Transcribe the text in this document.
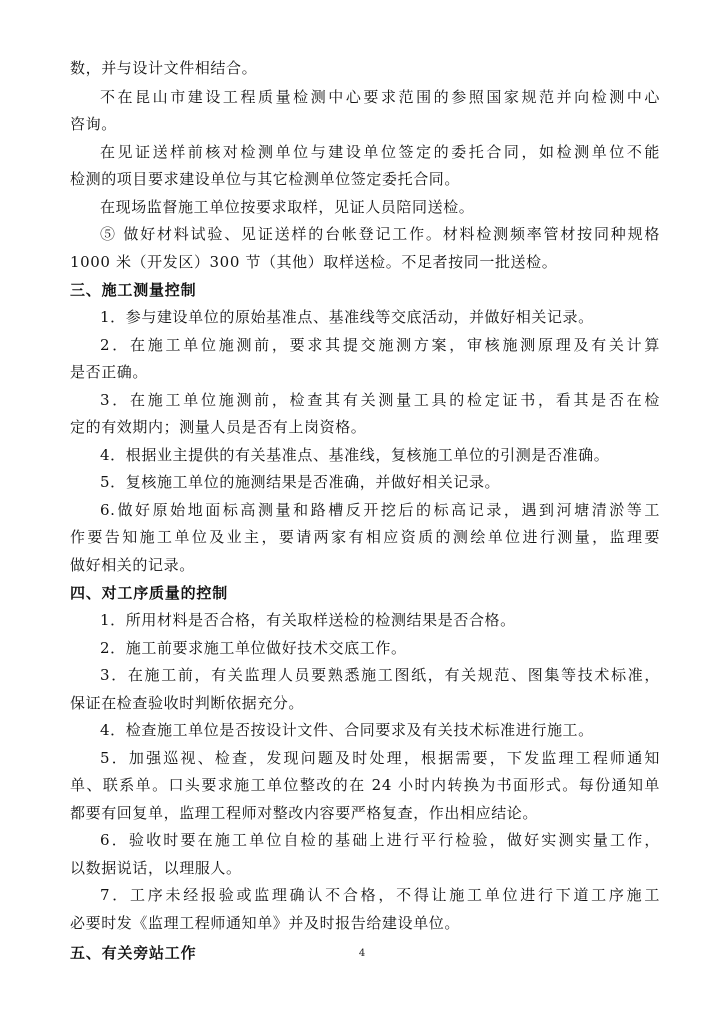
数，并与设计文件相结合。
不在昆山市建设工程质量检测中心要求范围的参照国家规范并向检测中心
咨询。
在见证送样前核对检测单位与建设单位签定的委托合同，如检测单位不能
检测的项目要求建设单位与其它检测单位签定委托合同。
在现场监督施工单位按要求取样，见证人员陪同送检。
⑤ 做好材料试验、见证送样的台帐登记工作。材料检测频率管材按同种规格
1000 米（开发区）300 节（其他）取样送检。不足者按同一批送检。
三、施工测量控制
1．参与建设单位的原始基准点、基准线等交底活动，并做好相关记录。
2．在施工单位施测前，要求其提交施测方案，审核施测原理及有关计算
是否正确。
3．在施工单位施测前，检查其有关测量工具的检定证书，看其是否在检
定的有效期内；测量人员是否有上岗资格。
4．根据业主提供的有关基准点、基准线，复核施工单位的引测是否准确。
5．复核施工单位的施测结果是否准确，并做好相关记录。
6.做好原始地面标高测量和路槽反开挖后的标高记录，遇到河塘清淤等工
作要告知施工单位及业主，要请两家有相应资质的测绘单位进行测量，监理要
做好相关的记录。
四、对工序质量的控制
1．所用材料是否合格，有关取样送检的检测结果是否合格。
2．施工前要求施工单位做好技术交底工作。
3．在施工前，有关监理人员要熟悉施工图纸，有关规范、图集等技术标准，
保证在检查验收时判断依据充分。
4．检查施工单位是否按设计文件、合同要求及有关技术标准进行施工。
5．加强巡视、检查，发现问题及时处理，根据需要，下发监理工程师通知
单、联系单。口头要求施工单位整改的在 24 小时内转换为书面形式。每份通知单
都要有回复单，监理工程师对整改内容要严格复查，作出相应结论。
6．验收时要在施工单位自检的基础上进行平行检验，做好实测实量工作，
以数据说话，以理服人。
7．工序未经报验或监理确认不合格，不得让施工单位进行下道工序施工
必要时发《监理工程师通知单》并及时报告给建设单位。
五、有关旁站工作	4
